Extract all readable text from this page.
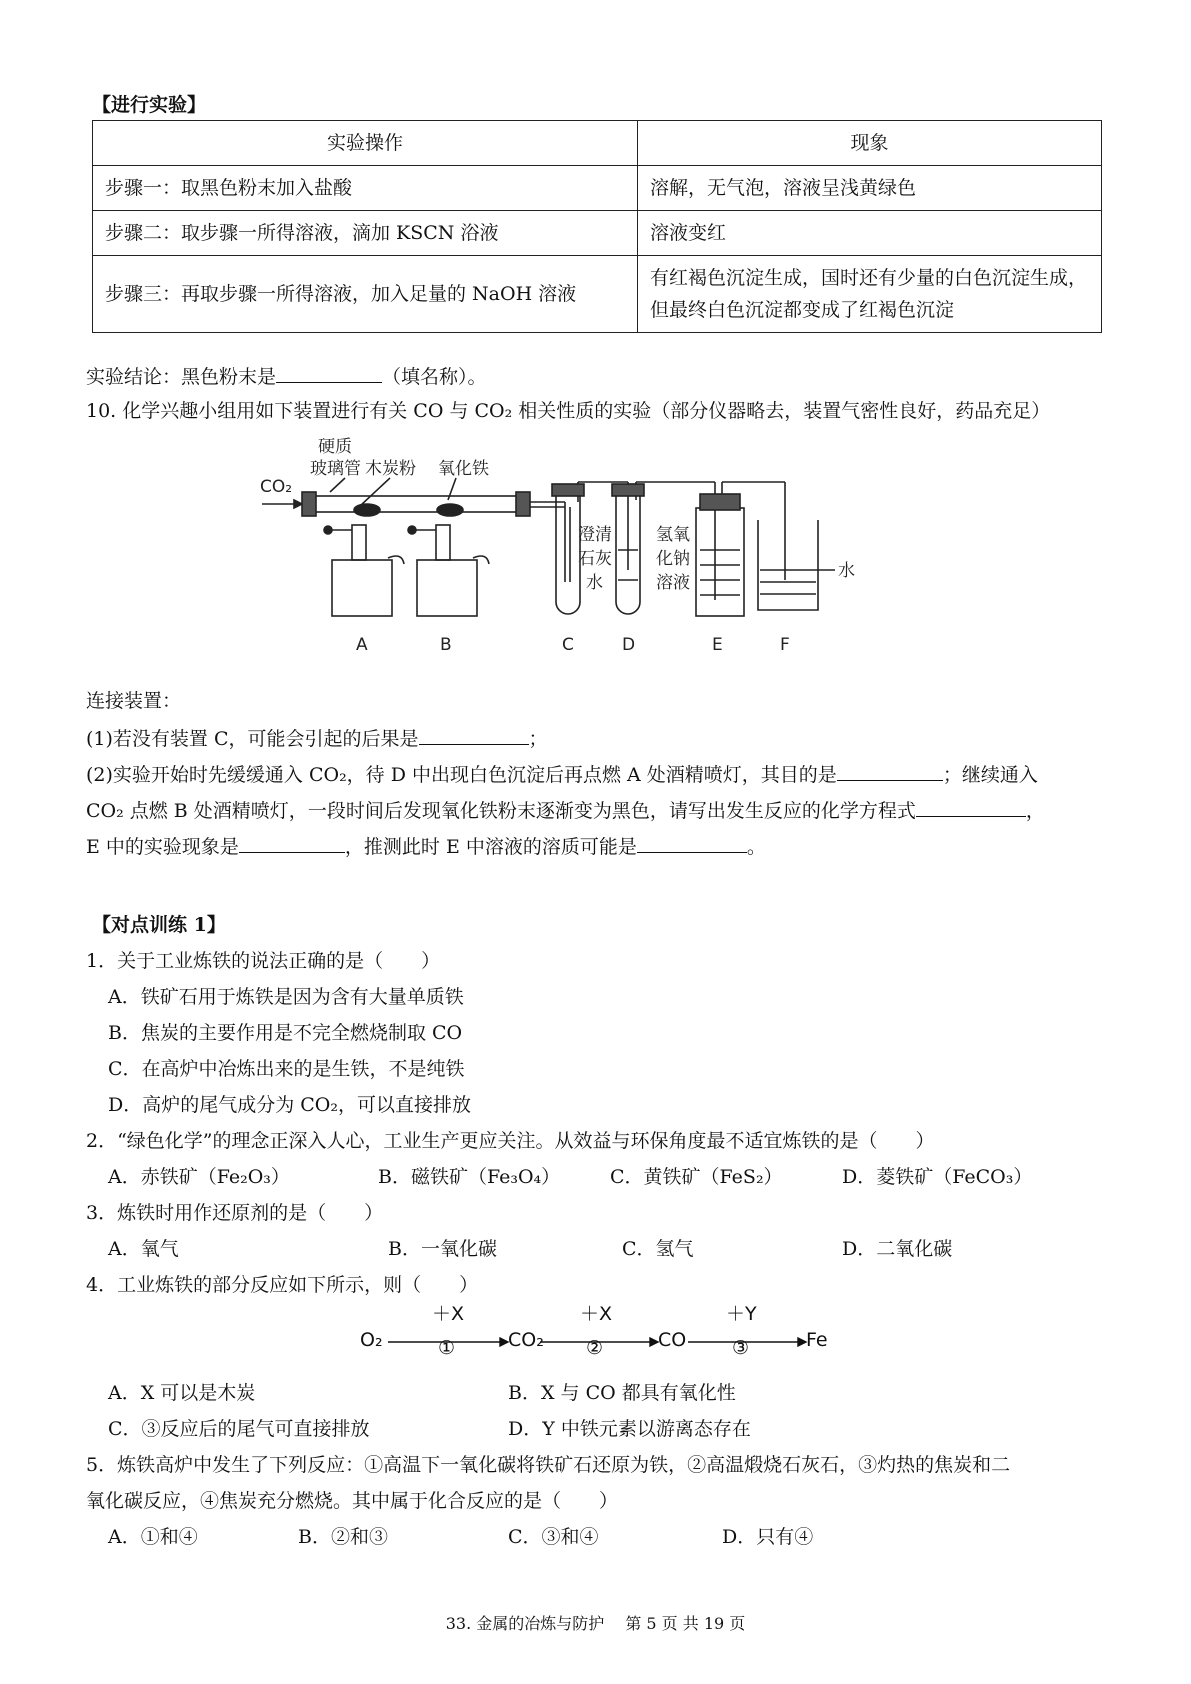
【进行实验】
实验操作	现象
步骤一：取黑色粉末加入盐酸	溶解，无气泡，溶液呈浅黄绿色
步骤二：取步骤一所得溶液，滴加 KSCN 浴液	溶液变红
步骤三：再取步骤一所得溶液，加入足量的 NaOH 溶液	有红褐色沉淀生成，国时还有少量的白色沉淀生成，但最终白色沉淀都变成了红褐色沉淀
实验结论：黑色粉末是	（填名称）。
10. 化学兴趣小组用如下装置进行有关 CO 与 CO₂ 相关性质的实验（部分仪器略去，装置气密性良好，药品充足）
硬质
玻璃管 木炭粉 氧化铁
CO₂
澄清
石灰
水
氢氧
化钠
溶液
水
A	B	C	D	E	F
连接装置：
(1)若没有装置 C，可能会引起的后果是	；
(2)实验开始时先缓缓通入 CO₂，待 D 中出现白色沉淀后再点燃 A 处酒精喷灯，其目的是	；继续通入
CO₂ 点燃 B 处酒精喷灯，一段时间后发现氧化铁粉末逐渐变为黑色，请写出发生反应的化学方程式	，
E 中的实验现象是	，推测此时 E 中溶液的溶质可能是	。
【对点训练 1】
1．关于工业炼铁的说法正确的是（　　）
A．铁矿石用于炼铁是因为含有大量单质铁
B．焦炭的主要作用是不完全燃烧制取 CO
C．在高炉中冶炼出来的是生铁，不是纯铁
D．高炉的尾气成分为 CO₂，可以直接排放
2．“绿色化学”的理念正深入人心，工业生产更应关注。从效益与环保角度最不适宜炼铁的是（　　）
A．赤铁矿（Fe₂O₃）	B．磁铁矿（Fe₃O₄）	C．黄铁矿（FeS₂）	D．菱铁矿（FeCO₃）
3．炼铁时用作还原剂的是（　　）
A．氧气	B．一氧化碳	C．氢气	D．二氧化碳
4．工业炼铁的部分反应如下所示，则（　　）
＋X	＋X	＋Y
O₂	CO₂	CO	Fe
①	②	③
A．X 可以是木炭	B．X 与 CO 都具有氧化性
C．③反应后的尾气可直接排放	D．Y 中铁元素以游离态存在
5．炼铁高炉中发生了下列反应：①高温下一氧化碳将铁矿石还原为铁，②高温煅烧石灰石，③灼热的焦炭和二
氧化碳反应，④焦炭充分燃烧。其中属于化合反应的是（　　）
A．①和④	B．②和③	C．③和④	D．只有④
33. 金属的冶炼与防护　 第 5 页 共 19 页
